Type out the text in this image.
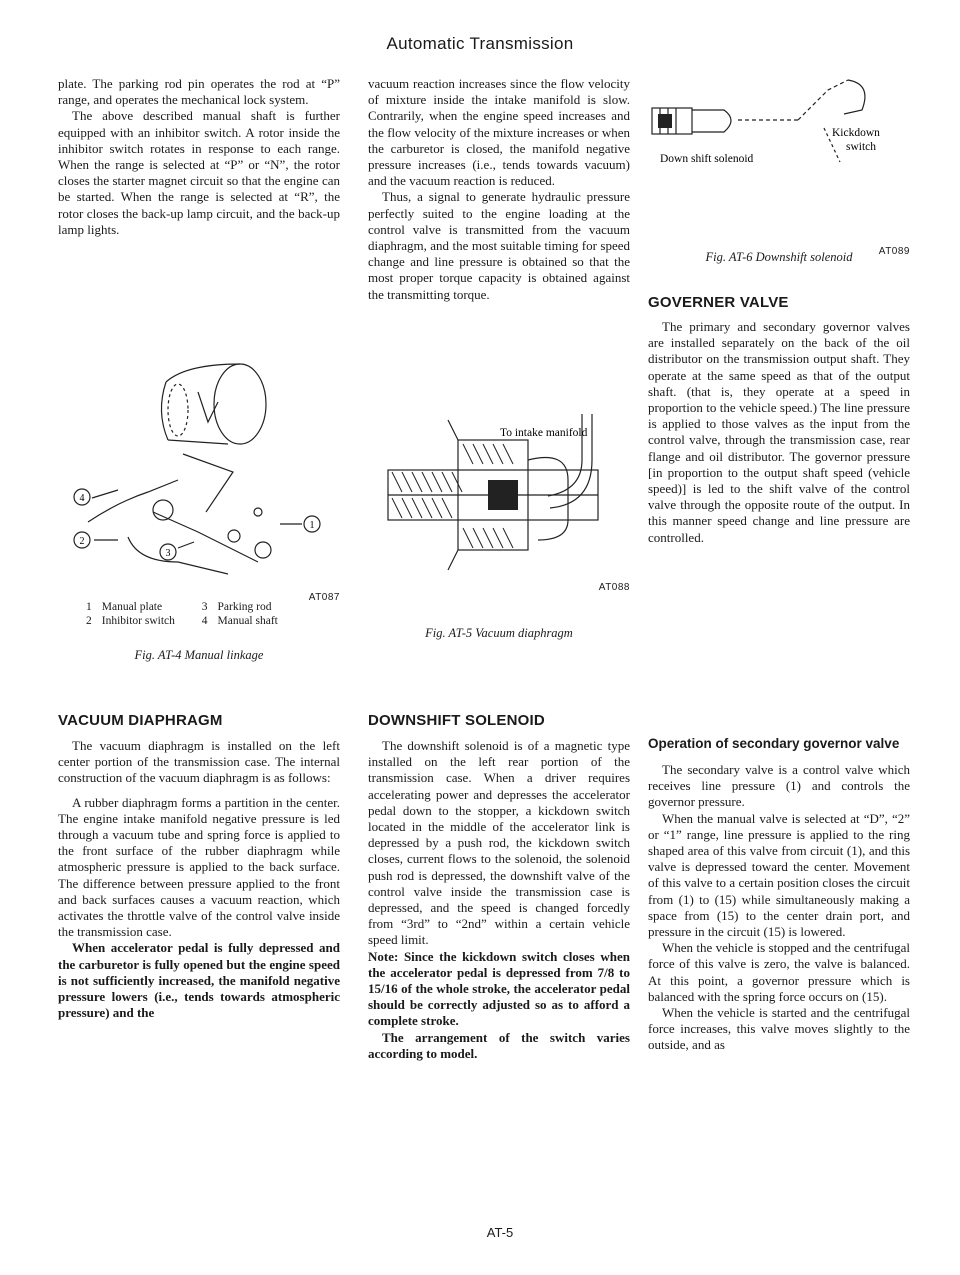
Automatic Transmission

plate. The parking rod pin operates the rod at “P” range, and operates the mechanical lock system.

The above described manual shaft is further equipped with an inhibitor switch. A rotor inside the inhibitor switch rotates in response to each range. When the range is selected at “P” or “N”, the rotor closes the starter magnet circuit so that the engine can be started. When the range is selected at “R”, the rotor closes the back-up lamp circuit, and the back-up lamp lights.

4
2
3
1
AT087
1	Manual plate	3	Parking rod
2	Inhibitor switch	4	Manual shaft
Fig. AT-4 Manual linkage
VACUUM DIAPHRAGM

The vacuum diaphragm is installed on the left center portion of the transmission case. The internal construction of the vacuum diaphragm is as follows:

A rubber diaphragm forms a partition in the center. The engine intake manifold negative pressure is led through a vacuum tube and spring force is applied to the front surface of the rubber diaphragm while atmospheric pressure is applied to the back surface. The difference between pressure applied to the front and back surfaces causes a vacuum reaction, which activates the throttle valve of the control valve inside the transmission case.

When accelerator pedal is fully depressed and the carburetor is fully opened but the engine speed is not sufficiently increased, the manifold negative pressure lowers (i.e., tends towards atmospheric pressure) and the

vacuum reaction increases since the flow velocity of mixture inside the intake manifold is slow. Contrarily, when the engine speed increases and the flow velocity of the mixture increases or when the carburetor is closed, the manifold negative pressure increases (i.e., tends towards vacuum) and the vacuum reaction is reduced.

Thus, a signal to generate hydraulic pressure perfectly suited to the engine loading at the control valve is transmitted from the vacuum diaphragm, and the most suitable timing for speed change and line pressure is obtained so that the most proper torque capacity is obtained against the transmitting torque.

To intake manifold
AT088
Fig. AT-5 Vacuum diaphragm
DOWNSHIFT SOLENOID

The downshift solenoid is of a magnetic type installed on the left rear portion of the transmission case. When a driver requires accelerating power and depresses the accelerator pedal down to the stopper, a kickdown switch located in the middle of the accelerator link is depressed by a push rod, the kickdown switch closes, current flows to the solenoid, the solenoid push rod is depressed, the downshift valve of the control valve inside the transmission case is depressed, and the speed is changed forcedly from “3rd” to “2nd” within a certain vehicle speed limit.

Note: Since the kickdown switch closes when the accelerator pedal is depressed from 7/8 to 15/16 of the whole stroke, the accelerator pedal should be correctly adjusted so as to afford a complete stroke.

The arrangement of the switch varies according to model.

Down shift solenoid
Kickdown
switch
AT089
Fig. AT-6 Downshift solenoid
GOVERNER VALVE

The primary and secondary governor valves are installed separately on the back of the oil distributor on the transmission output shaft. They operate at the same speed as that of the output shaft. (that is, they operate at a speed in proportion to the vehicle speed.) The line pressure is applied to those valves as the input from the control valve, through the transmission case, rear flange and oil distributor. The governor pressure [in proportion to the output shaft speed (vehicle speed)] is led to the shift valve of the control valve through the opposite route of the output. In this manner speed change and line pressure are controlled.

Operation of secondary governor valve

The secondary valve is a control valve which receives line pressure (1) and controls the governor pressure.

When the manual valve is selected at “D”, “2” or “1” range, line pressure is applied to the ring shaped area of this valve from circuit (1), and this valve is depressed toward the center. Movement of this valve to a certain position closes the circuit from (1) to (15) while simultaneously making a space from (15) to the center drain port, and pressure in the circuit (15) is lowered.

When the vehicle is stopped and the centrifugal force of this valve is zero, the valve is balanced. At this point, a governor pressure which is balanced with the spring force occurs on (15).

When the vehicle is started and the centrifugal force increases, this valve moves slightly to the outside, and as

AT-5
